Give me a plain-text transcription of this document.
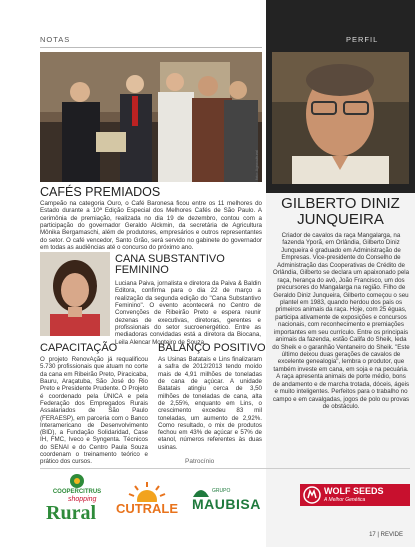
NOTAS	PERFIL
foto: Agrocultural
CAFÉS PREMIADOS
Campeão na categoria Ouro, o Café Baronesa ficou entre os 11 melhores do Estado durante a 10ª Edição Especial dos Melhores Cafés de São Paulo. A cerimônia de premiação, realizada no dia 19 de dezembro, contou com a participação do governador Geraldo Alckmin, da secretária de Agricultura Mônika Bergamaschi, além de produtores, empresários e outros representantes do setor. O café vencedor, Santo Grão, será servido no gabinete do governador em todas as audiências até o concurso do próximo ano.
CANA SUBSTANTIVO FEMININO
Luciana Paiva, jornalista e diretora da Paiva & Baldin Editora, confirma para o dia 22 de março a realização da segunda edição do "Cana Substantivo Feminino". O evento acontecerá no Centro de Convenções de Ribeirão Preto e espera reunir dezenas de executivas, diretoras, gerentes e profissionais do setor sucroenergético. Entre as mediadoras convidadas está a diretora da Biocana, Leila Alencar Monteiro de Souza.
CAPACITAÇÃO
O projeto RenovAção já requalificou 5.730 profissionais que atuam no corte da cana em Ribeirão Preto, Piracicaba, Bauru, Araçatuba, São José do Rio Preto e Presidente Prudente. O Projeto é coordenado pela ÚNICA e pela Federação dos Empregados Rurais Assalariados de São Paulo (FERAESP), em parceria com o Banco Interamericano de Desenvolvimento (BID), a Fundação Solidaridad, Case IH, FMC, Iveco e Syngenta. Técnicos do SENAI e do Centro Paula Souza coordenam o treinamento teórico e prático dos cursos.
BALANÇO POSITIVO
As Usinas Batatais e Lins finalizaram a safra de 2012/2013 tendo moído mais de 4,91 milhões de toneladas de cana de açúcar. A unidade Batatais atingiu cerca de 3,50 milhões de toneladas de cana, alta de 2,55%, enquanto em Lins, o crescimento excedeu 83 mil toneladas, um aumento de 2,92%. Como resultado, o mix de produtos fechou em 43% de açúcar e 57% de etanol, números referentes às duas usinas.
GILBERTO DINIZ
JUNQUEIRA
Criador de cavalos da raça Mangalarga, na fazenda Yporã, em Orlândia, Gilberto Diniz Junqueira é graduado em Administração de Empresas. Vice-presidente do Conselho de Administração das Cooperativas de Crédito de Orlândia, Gilberto se declara um apaixonado pela raça, herança do avô, João Francisco, um dos precursores do Mangalarga na região. Filho de Geraldo Diniz Junqueira, Gilberto começou o seu plantel em 1983, quando herdou dos pais os primeiros animais da raça. Hoje, com 25 éguas, participa ativamente de exposições e concursos nacionais, com reconhecimento e premiações importantes em seu currículo. Entre os principais animais da fazenda, estão Califa do Sheik, Ieda do Sheik e o garanhão Ventaneiro do Sheik. "Este último deixou duas gerações de cavalos de excelente genealogia", lembra o produtor, que também investe em cana, em soja e na pecuária. A raça apresenta animais de porte médio, bons de andamento e de marcha trotada, dóceis, ágeis e muito inteligentes. Perfeitos para o trabalho no campo e em cavalgadas, jogos de polo ou provas de obstáculo.
Patrocínio
COOPERCITRUS
shopping
Rural	CUTRALE
GRUPO
MAUBISA
WOLF SEEDS
A Melhor Genética
17 | REVIDE
